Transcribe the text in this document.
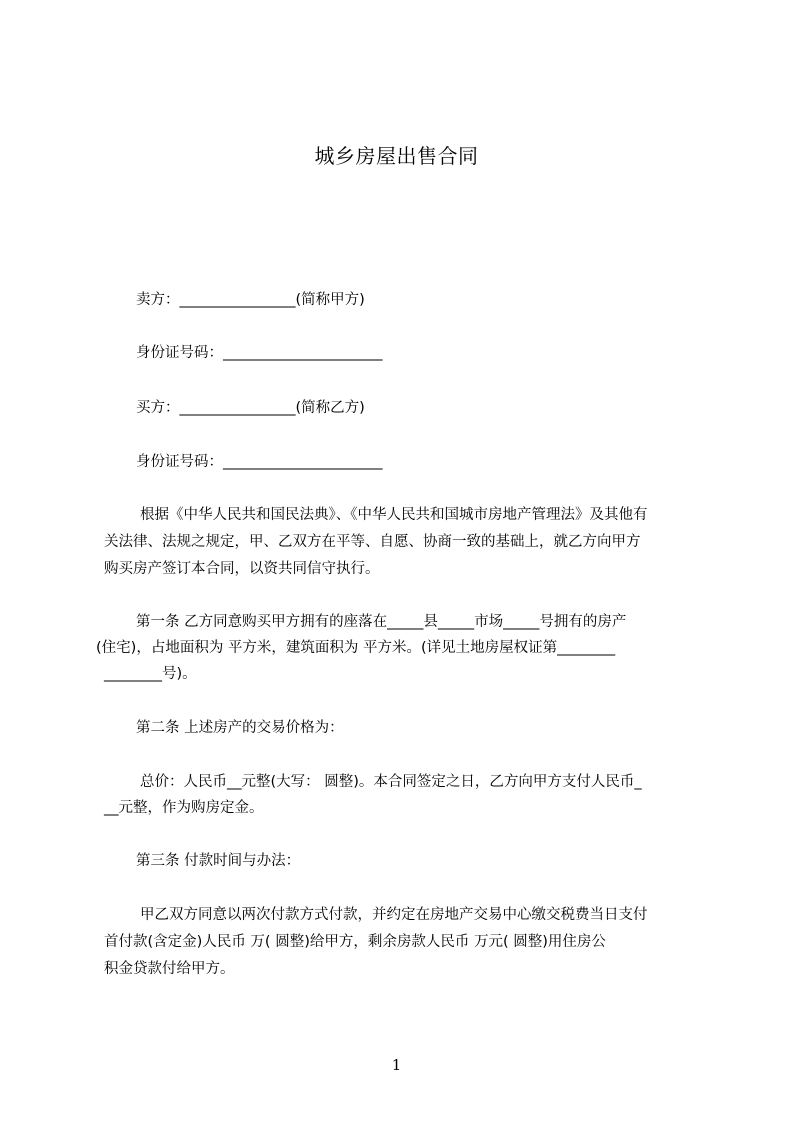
城乡房屋出售合同
卖方：________________(简称甲方)
身份证号码：______________________
买方：________________(简称乙方)
身份证号码：______________________
根据《中华人民共和国民法典》、《中华人民共和国城市房地产管理法》及其他有
关法律、法规之规定，甲、乙双方在平等、自愿、协商一致的基础上，就乙方向甲方
购买房产签订本合同，以资共同信守执行。
第一条 乙方同意购买甲方拥有的座落在_____县_____市场_____号拥有的房产
(住宅)，占地面积为 平方米，建筑面积为 平方米。(详见土地房屋权证第________
________号)。
第二条 上述房产的交易价格为：
总价：人民币__元整(大写： 圆整)。本合同签定之日，乙方向甲方支付人民币_
__元整，作为购房定金。
第三条 付款时间与办法：
甲乙双方同意以两次付款方式付款，并约定在房地产交易中心缴交税费当日支付
首付款(含定金)人民币 万( 圆整)给甲方，剩余房款人民币 万元( 圆整)用住房公
积金贷款付给甲方。
1
